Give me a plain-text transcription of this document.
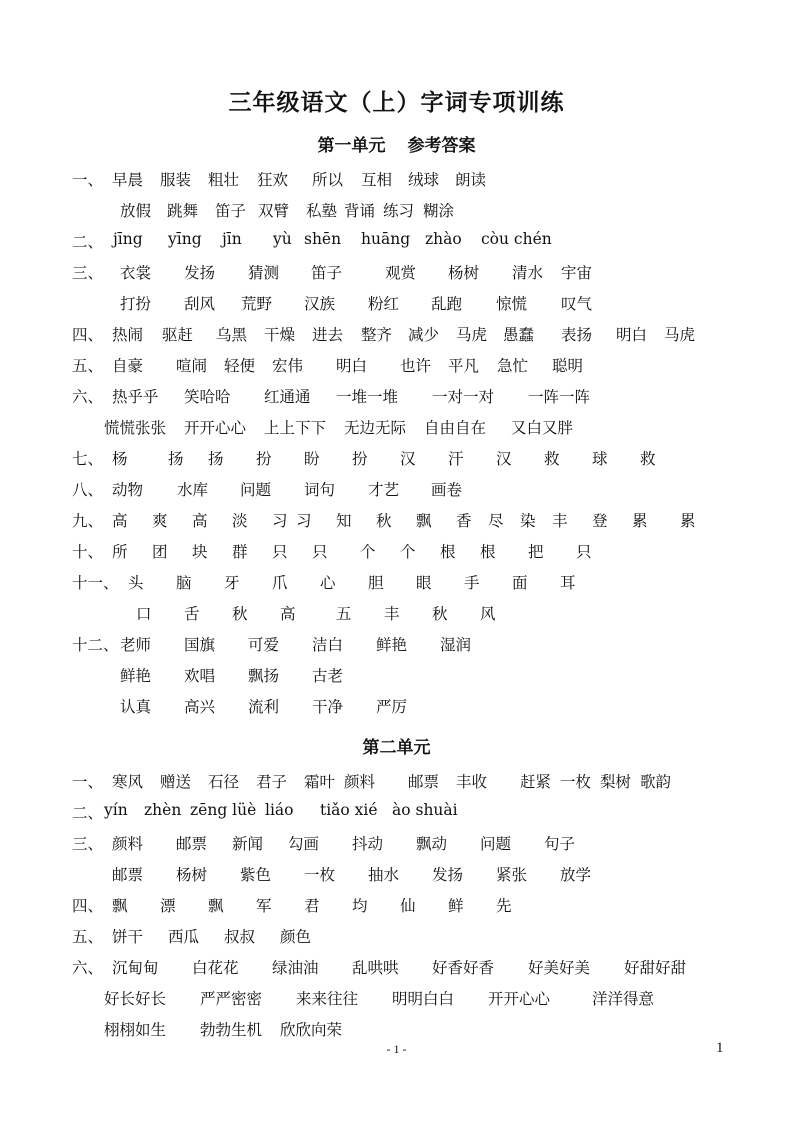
三年级语文（上）字词专项训练
第一单元 参考答案
一、 早晨 服装 粗壮 狂欢 所以 互相 绒球 朗读
放假 跳舞 笛子 双臂 私塾 背诵 练习 糊涂
二、 jīng yīng jīn yù shēn huāng zhào còu chén
三、 衣裳 发扬 猜测 笛子	观赏 杨树 清水 宇宙
打扮 刮风 荒野 汉族 粉红 乱跑 惊慌 叹气
四、 热闹 驱赶 乌黑 干燥 进去 整齐 减少 马虎 愚蠢 表扬 明白 马虎
五、 自豪 喧闹 轻便 宏伟 明白 也许 平凡 急忙 聪明
六、 热乎乎 笑哈哈 红通通 一堆一堆 一对一对 一阵一阵
慌慌张张 开开心心 上上下下 无边无际 自由自在 又白又胖
七、 杨	扬 扬 扮 盼 扮 汉 汗 汉 救 球 救
八、 动物 水库 问题 词句 才艺 画卷
九、 高 爽 高 淡 习 习 知 秋 飘 香 尽 染 丰 登 累 累
十、 所 团 块 群 只 只 个 个 根 根 把 只
十一、 头 脑 牙 爪 心 胆 眼 手 面 耳
口 舌 秋 高	五 丰 秋 风
十二、 老师 国旗 可爱 洁白 鲜艳 湿润
鲜艳 欢唱 飘扬 古老
认真 高兴 流利 干净 严厉
第二单元
一、 寒风 赠送 石径 君子 霜叶 颜料 邮票 丰收 赶紧 一枚 梨树 歌韵
二、 yín zhèn zēng lüè liáo tiǎo xié ào shuài
三、 颜料 邮票 新闻 勾画 抖动 飘动 问题 句子
邮票 杨树 紫色 一枚 抽水 发扬 紧张 放学
四、 飘 漂 飘 军 君 均 仙 鲜 先
五、 饼干 西瓜 叔叔 颜色
六、 沉甸甸 白花花 绿油油 乱哄哄 好香好香 好美好美 好甜好甜
好长好长 严严密密 来来往往 明明白白 开开心心	洋洋得意
栩栩如生 勃勃生机 欣欣向荣
- 1 -	1
